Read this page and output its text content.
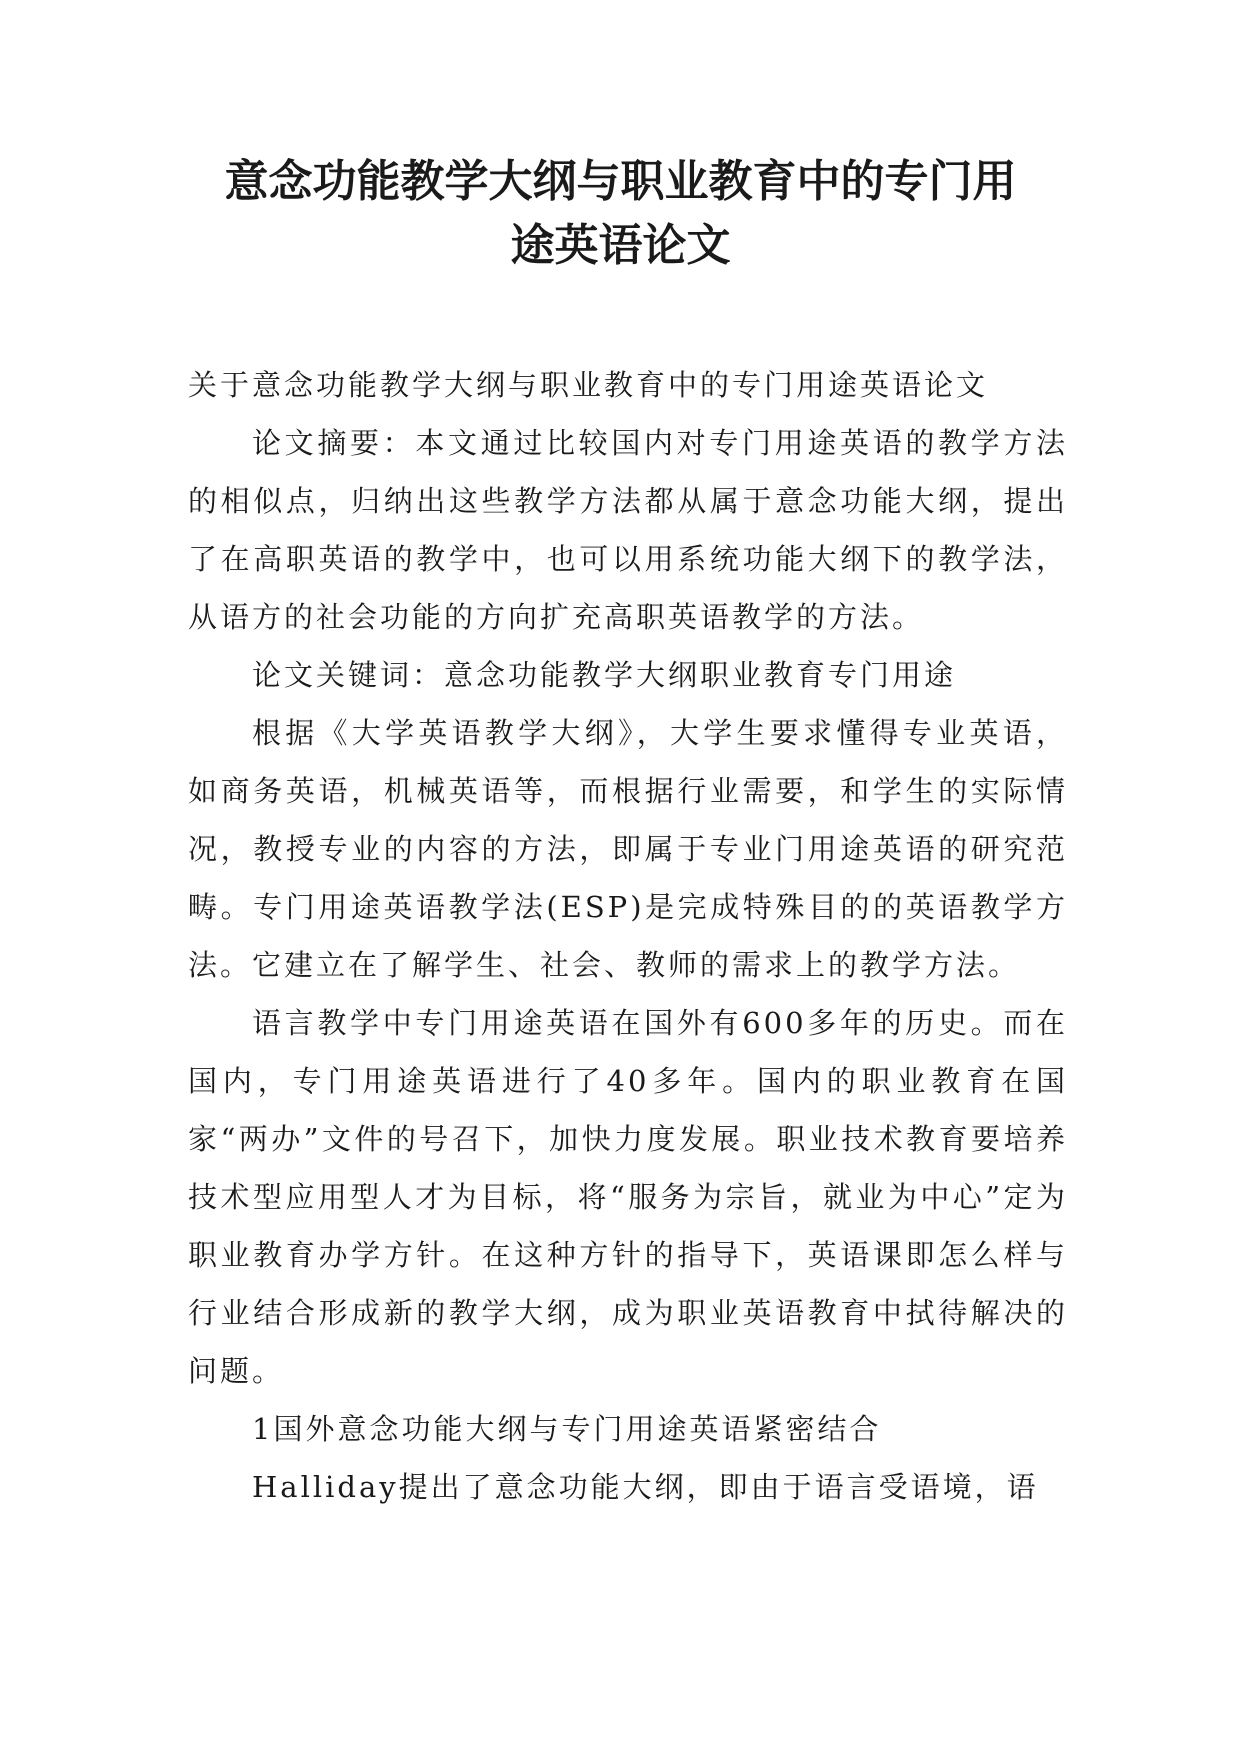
意念功能教学大纲与职业教育中的专门用
途英语论文

关于意念功能教学大纲与职业教育中的专门用途英语论文

论文摘要：本文通过比较国内对专门用途英语的教学方法的相似点，归纳出这些教学方法都从属于意念功能大纲，提出了在高职英语的教学中，也可以用系统功能大纲下的教学法，从语方的社会功能的方向扩充高职英语教学的方法。

论文关键词：意念功能教学大纲职业教育专门用途

根据《大学英语教学大纲》，大学生要求懂得专业英语，如商务英语，机械英语等，而根据行业需要，和学生的实际情况，教授专业的内容的方法，即属于专业门用途英语的研究范畴。专门用途英语教学法(ESP)是完成特殊目的的英语教学方法。它建立在了解学生、社会、教师的需求上的教学方法。

语言教学中专门用途英语在国外有600多年的历史。而在国内，专门用途英语进行了40多年。国内的职业教育在国家“两办”文件的号召下，加快力度发展。职业技术教育要培养技术型应用型人才为目标，将“服务为宗旨，就业为中心”定为职业教育办学方针。在这种方针的指导下，英语课即怎么样与行业结合形成新的教学大纲，成为职业英语教育中拭待解决的问题。

1国外意念功能大纲与专门用途英语紧密结合

Halliday提出了意念功能大纲，即由于语言受语境，语
